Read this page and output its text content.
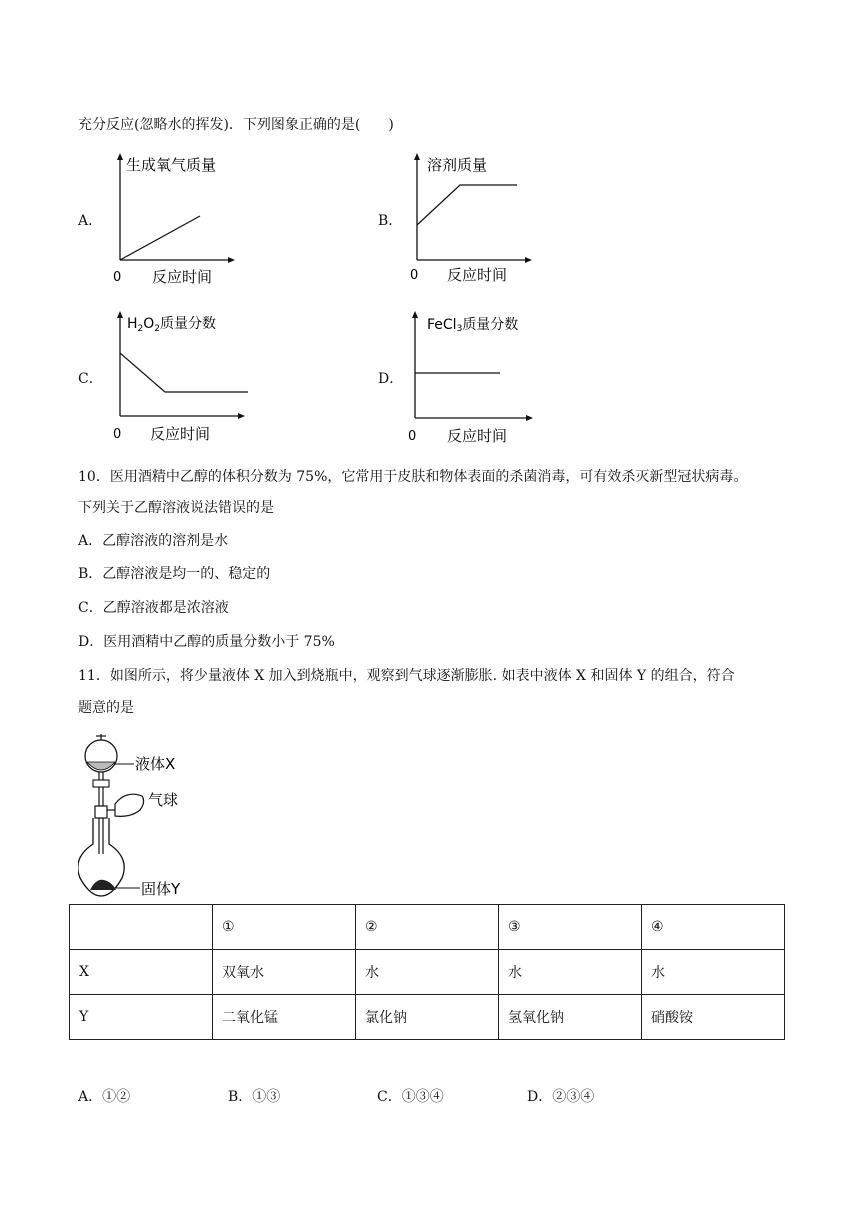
充分反应(忽略水的挥发)．下列图象正确的是(　　)
A．
生成氧气质量
0 反应时间
B．
溶剂质量
0 反应时间
C．
$H_2O_2$质量分数
0 反应时间
D．
FeCl3质量分数
0 反应时间
10．医用酒精中乙醇的体积分数为 75%，它常用于皮肤和物体表面的杀菌消毒，可有效杀灭新型冠状病毒。
下列关于乙醇溶液说法错误的是
A．乙醇溶液的溶剂是水
B．乙醇溶液是均一的、稳定的
C．乙醇溶液都是浓溶液
D．医用酒精中乙醇的质量分数小于 75%
11．如图所示，将少量液体 X 加入到烧瓶中，观察到气球逐渐膨胀. 如表中液体 X 和固体 Y 的组合，符合
题意的是
液体X
气球
固体Y
	①	②	③	④
X	双氧水	水	水	水
Y	二氧化锰	氯化钠	氢氧化钠	硝酸铵
A．①②	B．①③	C．①③④	D．②③④
